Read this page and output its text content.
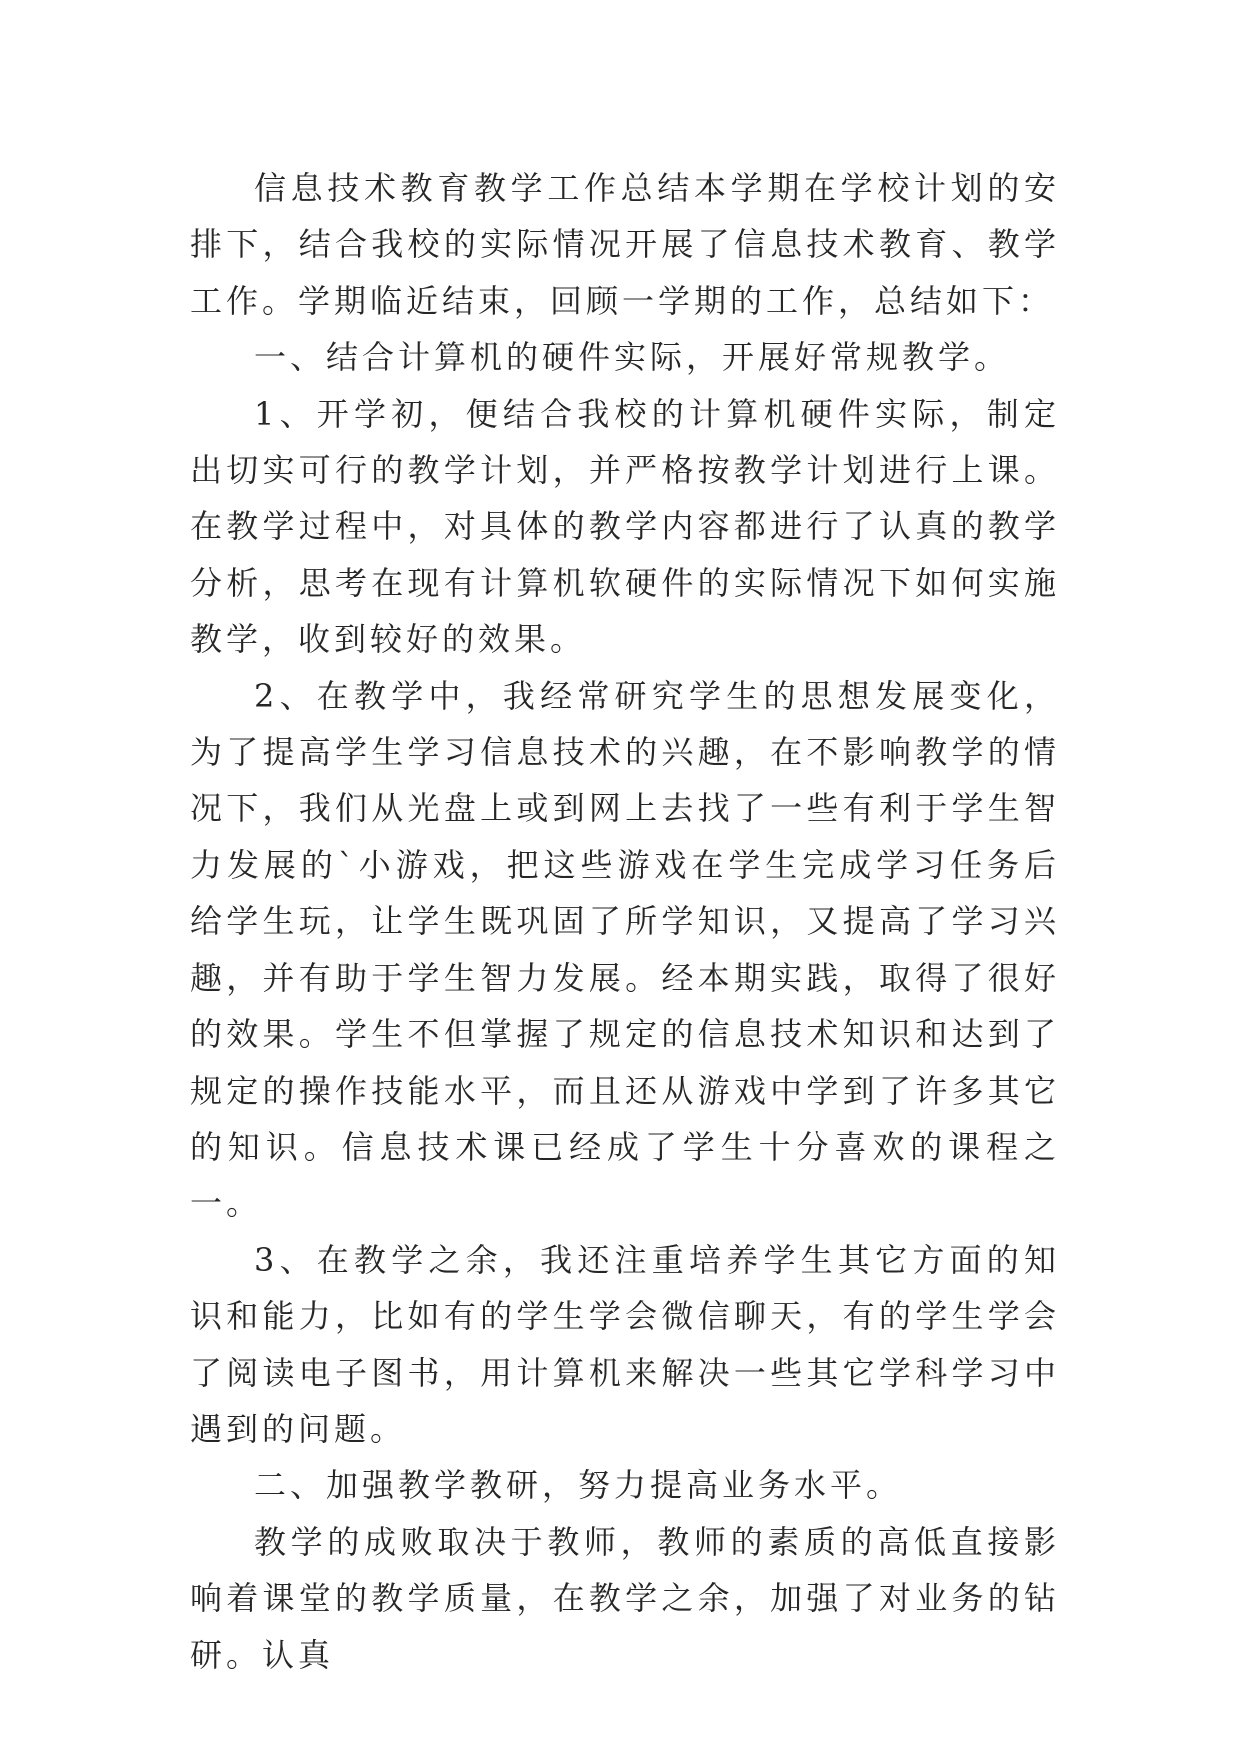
信息技术教育教学工作总结本学期在学校计划的安排下，结合我校的实际情况开展了信息技术教育、教学工作。学期临近结束，回顾一学期的工作，总结如下：

一、结合计算机的硬件实际，开展好常规教学。

1、开学初，便结合我校的计算机硬件实际，制定出切实可行的教学计划，并严格按教学计划进行上课。在教学过程中，对具体的教学内容都进行了认真的教学分析，思考在现有计算机软硬件的实际情况下如何实施教学，收到较好的效果。

2、在教学中，我经常研究学生的思想发展变化，为了提高学生学习信息技术的兴趣，在不影响教学的情况下，我们从光盘上或到网上去找了一些有利于学生智力发展的`小游戏，把这些游戏在学生完成学习任务后给学生玩，让学生既巩固了所学知识，又提高了学习兴趣，并有助于学生智力发展。经本期实践，取得了很好的效果。学生不但掌握了规定的信息技术知识和达到了规定的操作技能水平，而且还从游戏中学到了许多其它的知识。信息技术课已经成了学生十分喜欢的课程之一。

3、在教学之余，我还注重培养学生其它方面的知识和能力，比如有的学生学会微信聊天，有的学生学会了阅读电子图书，用计算机来解决一些其它学科学习中遇到的问题。

二、加强教学教研，努力提高业务水平。

教学的成败取决于教师，教师的素质的高低直接影响着课堂的教学质量，在教学之余，加强了对业务的钻研。认真
